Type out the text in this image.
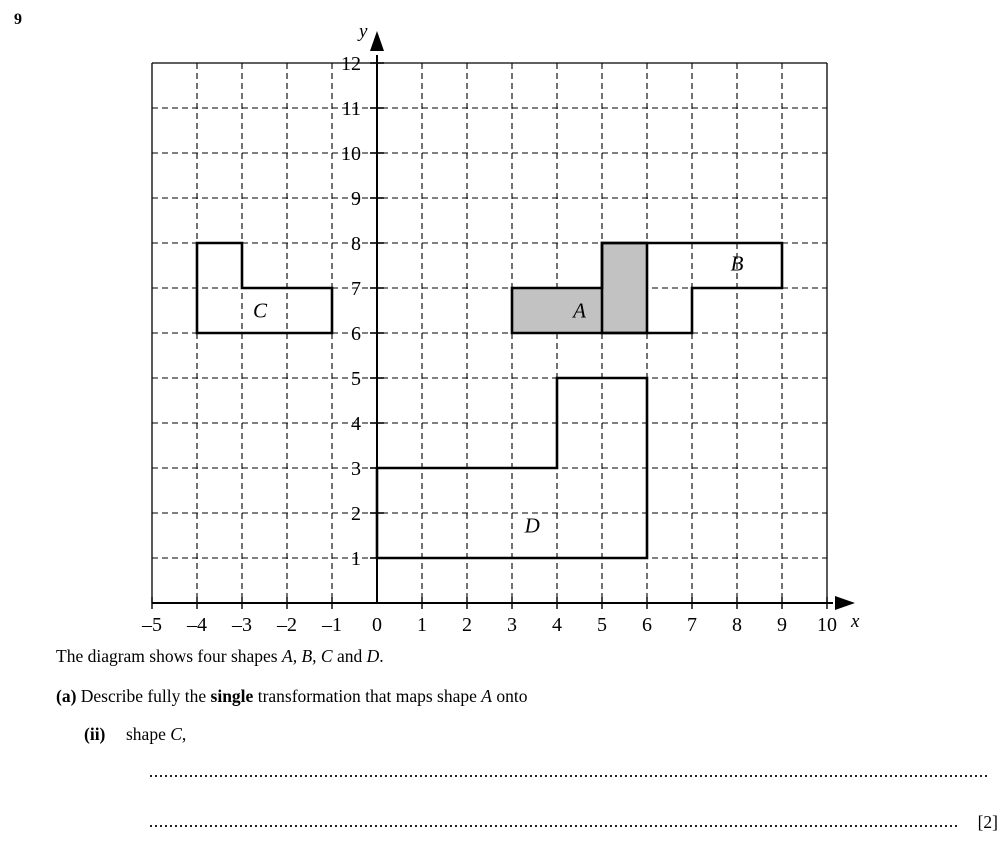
9
x
y
1
2
3
4
5
6
7
8
9
10
11
12
–5 –4 –3 –2 –1 0 1 2 3 4 5 6 7 8 9 10
A
B
C
D
The diagram shows four shapes A, B, C and D.
(a) Describe fully the single transformation that maps shape A onto
(ii) shape C,
[2]
